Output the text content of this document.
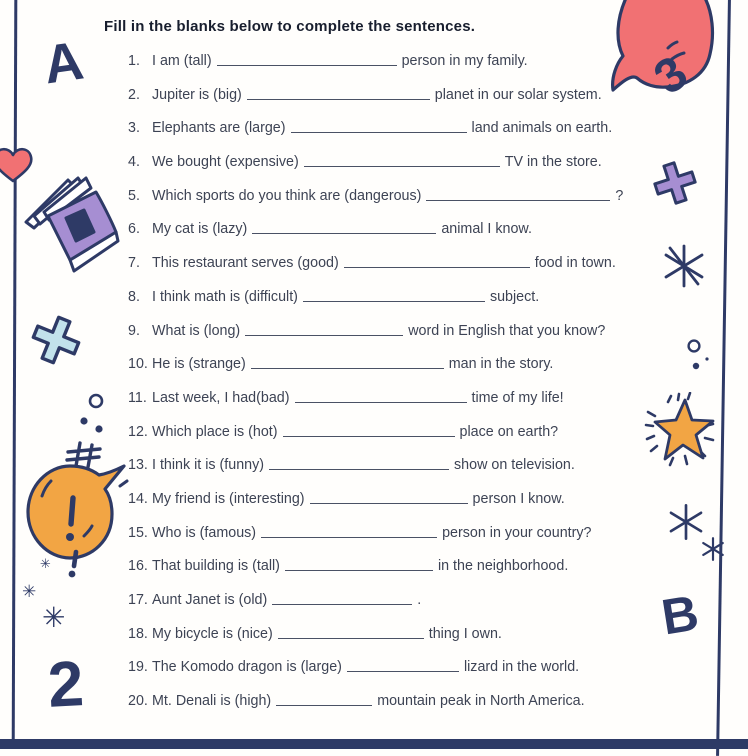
Fill in the blanks below to complete the sentences.
1. I am (tall)	person in my family.
2. Jupiter is (big)	planet in our solar system.
3. Elephants are (large)	land animals on earth.
4. We bought (expensive)	TV in the store.
5. Which sports do you think are (dangerous)	?
6. My cat is (lazy)	animal I know.
7. This restaurant serves (good)	food in town.
8. I think math is (difficult)	subject.
9. What is (long)	word in English that you know?
10. He is (strange)	man in the story.
11. Last week, I had(bad)	time of my life!
12. Which place is (hot)	place on earth?
13. I think it is (funny)	show on television.
14. My friend is (interesting)	person I know.
15. Who is (famous)	person in your country?
16. That building is (tall)	in the neighborhood.
17. Aunt Janet is (old)	.
18. My bicycle is (nice)	thing I own.
19. The Komodo dragon is (large)	lizard in the world.
20. Mt. Denali is (high)	mountain peak in North America.
A	3
✳
✳
✳
2
B
